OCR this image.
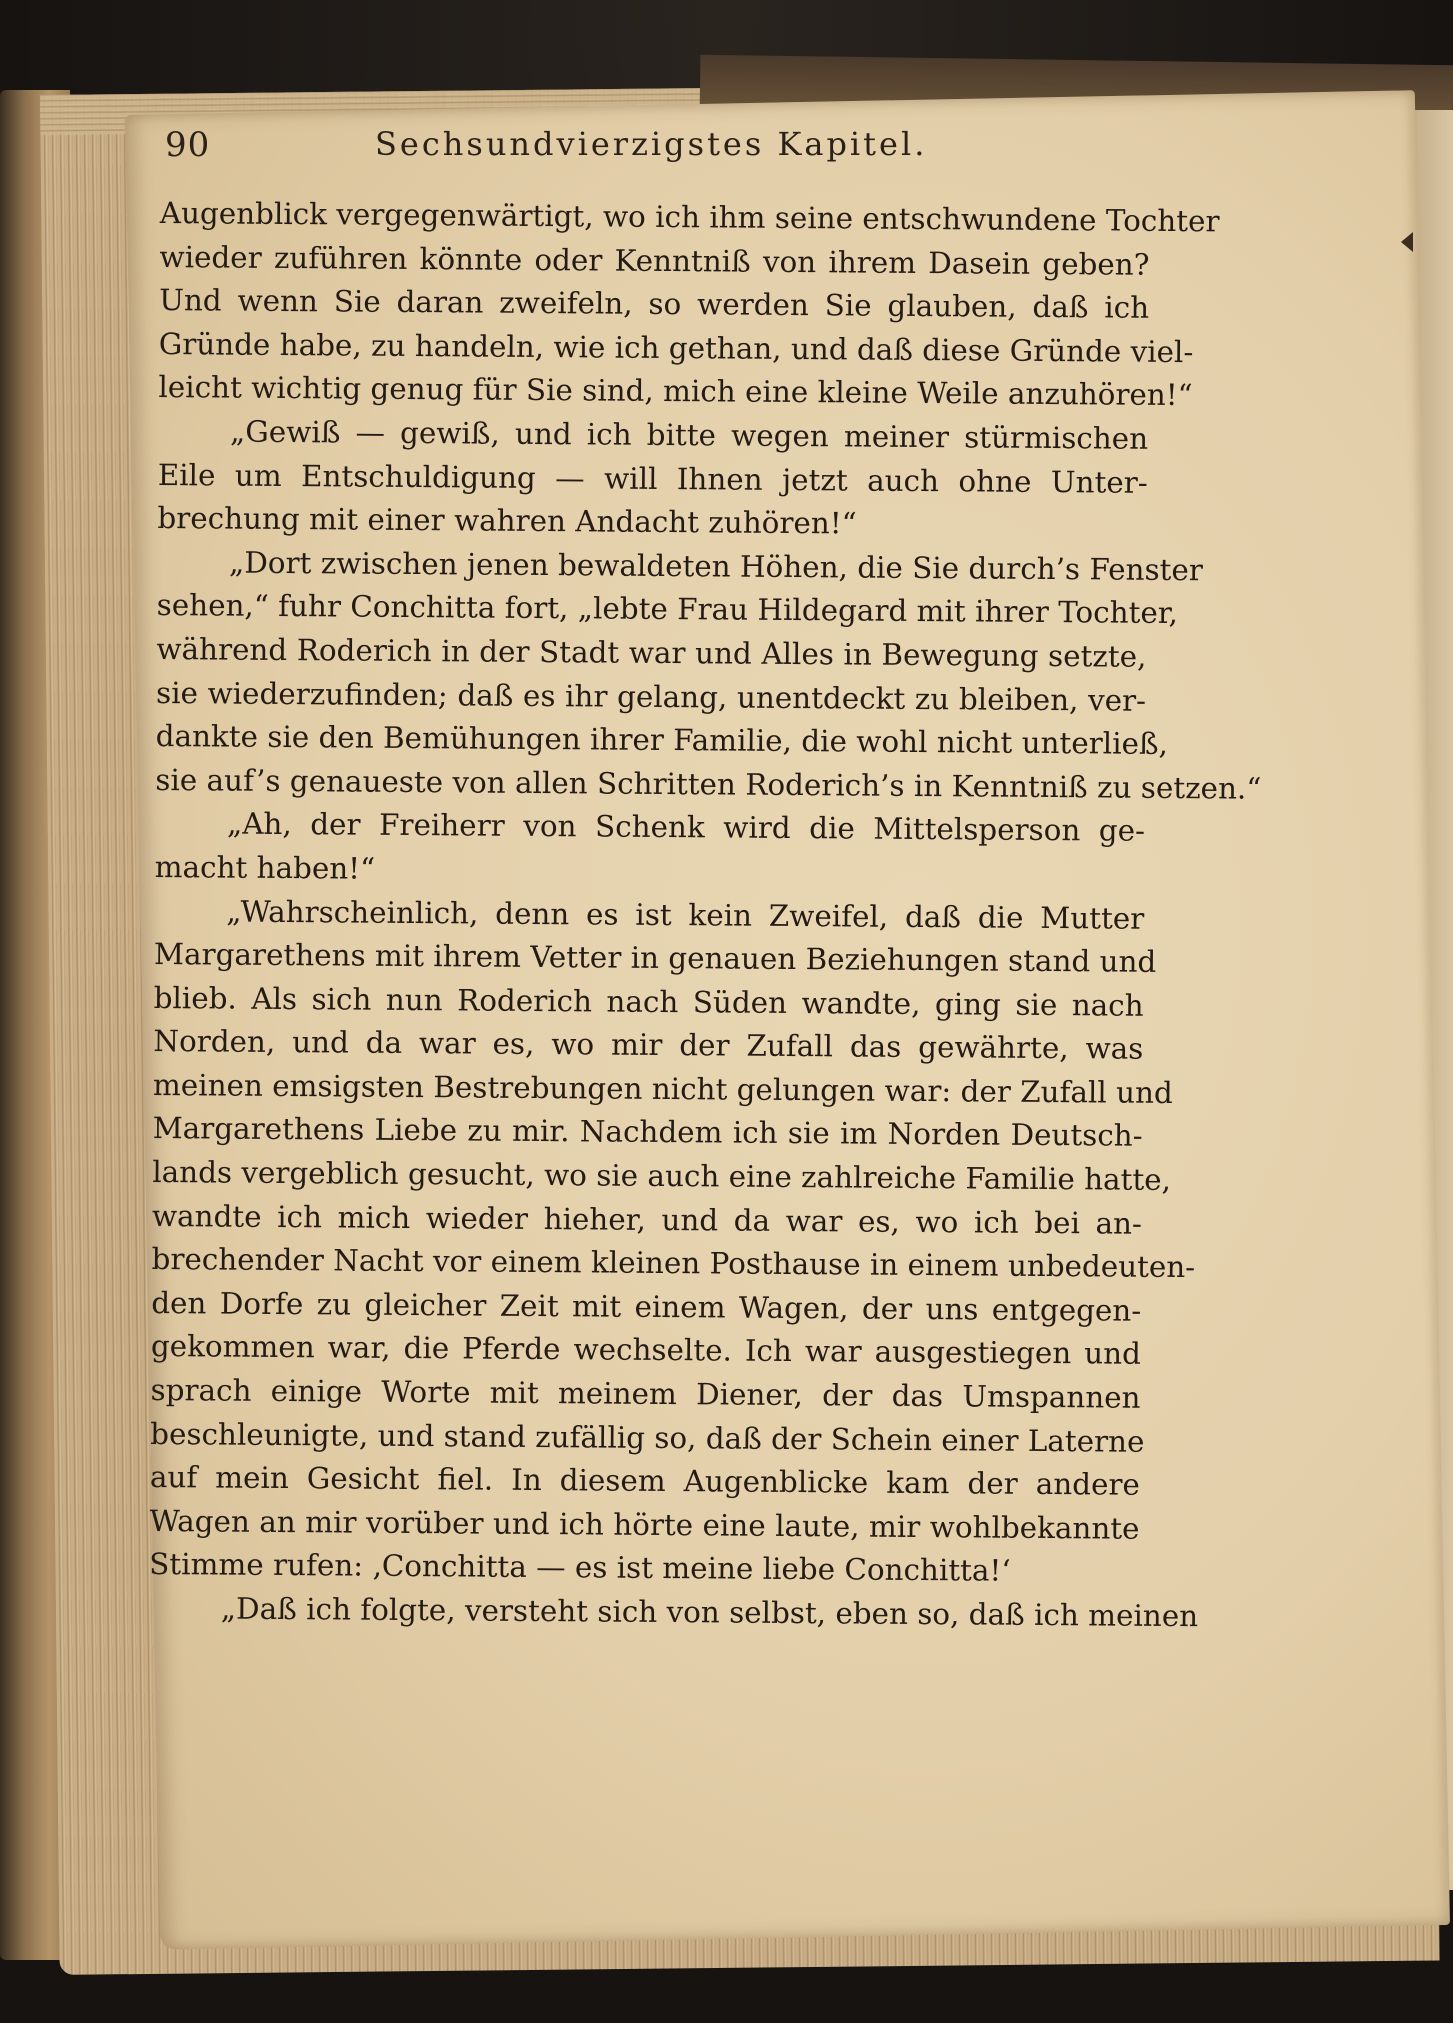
90	Sechsundvierzigstes Kapitel.
Augenblick vergegenwärtigt, wo ich ihm seine entschwundene Tochter
wieder zuführen könnte oder Kenntniß von ihrem Dasein geben?
Und wenn Sie daran zweifeln, so werden Sie glauben, daß ich
Gründe habe, zu handeln, wie ich gethan, und daß diese Gründe viel-
leicht wichtig genug für Sie sind, mich eine kleine Weile anzuhören!“
„Gewiß — gewiß, und ich bitte wegen meiner stürmischen
Eile um Entschuldigung — will Ihnen jetzt auch ohne Unter-
brechung mit einer wahren Andacht zuhören!“
„Dort zwischen jenen bewaldeten Höhen, die Sie durch’s Fenster
sehen,“ fuhr Conchitta fort, „lebte Frau Hildegard mit ihrer Tochter,
während Roderich in der Stadt war und Alles in Bewegung setzte,
sie wiederzufinden; daß es ihr gelang, unentdeckt zu bleiben, ver-
dankte sie den Bemühungen ihrer Familie, die wohl nicht unterließ,
sie auf’s genaueste von allen Schritten Roderich’s in Kenntniß zu setzen.“
„Ah, der Freiherr von Schenk wird die Mittelsperson ge-
macht haben!“
„Wahrscheinlich, denn es ist kein Zweifel, daß die Mutter
Margarethens mit ihrem Vetter in genauen Beziehungen stand und
blieb. Als sich nun Roderich nach Süden wandte, ging sie nach
Norden, und da war es, wo mir der Zufall das gewährte, was
meinen emsigsten Bestrebungen nicht gelungen war: der Zufall und
Margarethens Liebe zu mir. Nachdem ich sie im Norden Deutsch-
lands vergeblich gesucht, wo sie auch eine zahlreiche Familie hatte,
wandte ich mich wieder hieher, und da war es, wo ich bei an-
brechender Nacht vor einem kleinen Posthause in einem unbedeuten-
den Dorfe zu gleicher Zeit mit einem Wagen, der uns entgegen-
gekommen war, die Pferde wechselte. Ich war ausgestiegen und
sprach einige Worte mit meinem Diener, der das Umspannen
beschleunigte, und stand zufällig so, daß der Schein einer Laterne
auf mein Gesicht fiel. In diesem Augenblicke kam der andere
Wagen an mir vorüber und ich hörte eine laute, mir wohlbekannte
Stimme rufen: ‚Conchitta — es ist meine liebe Conchitta!‘
„Daß ich folgte, versteht sich von selbst, eben so, daß ich meinen
